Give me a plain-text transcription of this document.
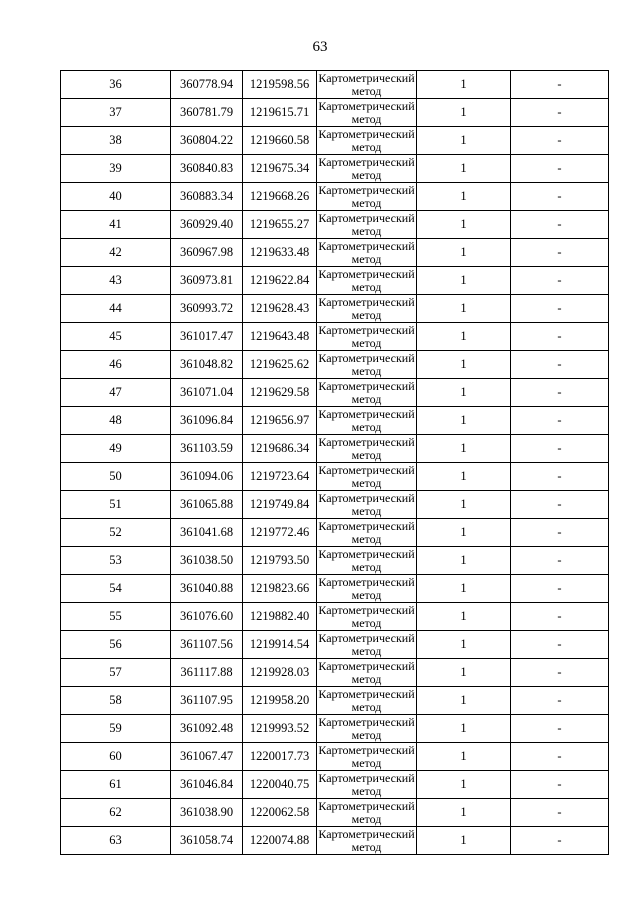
63
36	360778.94	1219598.56	Картометрический метод	1	-
37	360781.79	1219615.71	Картометрический метод	1	-
38	360804.22	1219660.58	Картометрический метод	1	-
39	360840.83	1219675.34	Картометрический метод	1	-
40	360883.34	1219668.26	Картометрический метод	1	-
41	360929.40	1219655.27	Картометрический метод	1	-
42	360967.98	1219633.48	Картометрический метод	1	-
43	360973.81	1219622.84	Картометрический метод	1	-
44	360993.72	1219628.43	Картометрический метод	1	-
45	361017.47	1219643.48	Картометрический метод	1	-
46	361048.82	1219625.62	Картометрический метод	1	-
47	361071.04	1219629.58	Картометрический метод	1	-
48	361096.84	1219656.97	Картометрический метод	1	-
49	361103.59	1219686.34	Картометрический метод	1	-
50	361094.06	1219723.64	Картометрический метод	1	-
51	361065.88	1219749.84	Картометрический метод	1	-
52	361041.68	1219772.46	Картометрический метод	1	-
53	361038.50	1219793.50	Картометрический метод	1	-
54	361040.88	1219823.66	Картометрический метод	1	-
55	361076.60	1219882.40	Картометрический метод	1	-
56	361107.56	1219914.54	Картометрический метод	1	-
57	361117.88	1219928.03	Картометрический метод	1	-
58	361107.95	1219958.20	Картометрический метод	1	-
59	361092.48	1219993.52	Картометрический метод	1	-
60	361067.47	1220017.73	Картометрический метод	1	-
61	361046.84	1220040.75	Картометрический метод	1	-
62	361038.90	1220062.58	Картометрический метод	1	-
63	361058.74	1220074.88	Картометрический метод	1	-
